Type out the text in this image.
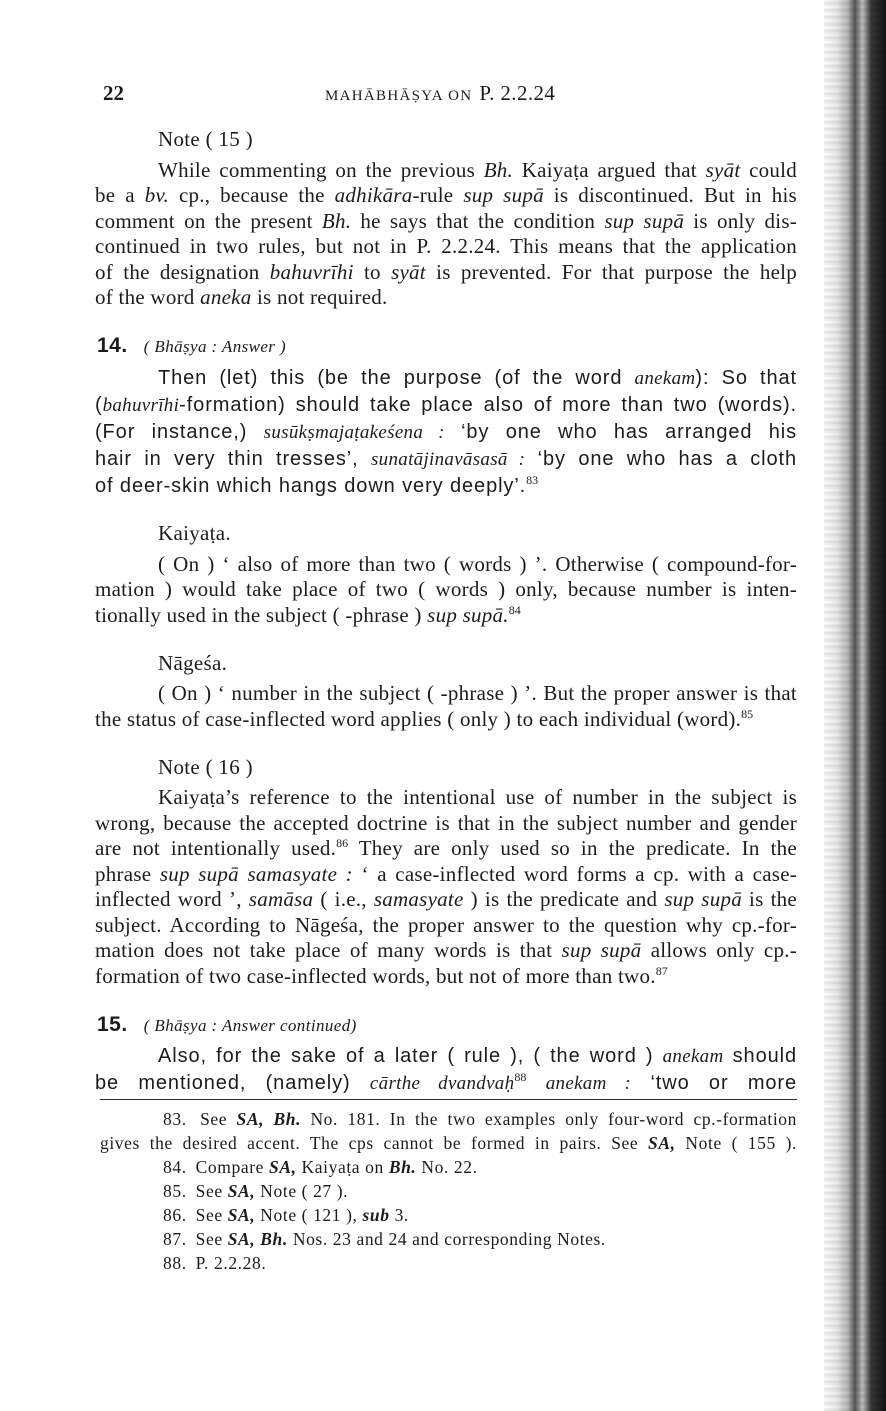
22	MAHĀBHĀṢYA ON P. 2.2.24
Note ( 15 )
While commenting on the previous Bh. Kaiyaṭa argued that syāt could
be a bv. cp., because the adhikāra-rule sup supā is discontinued. But in his
comment on the present Bh. he says that the condition sup supā is only dis-
continued in two rules, but not in P. 2.2.24. This means that the application
of the designation bahuvrīhi to syāt is prevented. For that purpose the help
of the word aneka is not required.
14. ( Bhāṣya : Answer )
Then (let) this (be the purpose (of the word anekam): So that
(bahuvrīhi-formation) should take place also of more than two (words).
(For instance,) susūkṣmajaṭakeśena : ‘by one who has arranged his
hair in very thin tresses’, sunatājinavāsasā : ‘by one who has a cloth
of deer-skin which hangs down very deeply’.$^{83}$
Kaiyaṭa.
( On ) ‘ also of more than two ( words ) ’. Otherwise ( compound-for-
mation ) would take place of two ( words ) only, because number is inten-
tionally used in the subject ( -phrase ) sup supā.$^{84}$
Nāgeśa.
( On ) ‘ number in the subject ( -phrase ) ’. But the proper answer is that
the status of case-inflected word applies ( only ) to each individual (word).$^{85}$
Note ( 16 )
Kaiyaṭa’s reference to the intentional use of number in the subject is
wrong, because the accepted doctrine is that in the subject number and gender
are not intentionally used.$^{86}$ They are only used so in the predicate. In the
phrase sup supā samasyate : ‘ a case-inflected word forms a cp. with a case-
inflected word ’, samāsa ( i.e., samasyate ) is the predicate and sup supā is the
subject. According to Nāgeśa, the proper answer to the question why cp.-for-
mation does not take place of many words is that sup supā allows only cp.-
formation of two case-inflected words, but not of more than two.$^{87}$
15. ( Bhāṣya : Answer continued)
Also, for the sake of a later ( rule ), ( the word ) anekam should
be mentioned, (namely) cārthe dvandvaḥ$^{88}$ anekam : ‘two or more
83. See SA, Bh. No. 181. In the two examples only four-word cp.-formation
gives the desired accent. The cps cannot be formed in pairs. See SA, Note ( 155 ).
84. Compare SA, Kaiyaṭa on Bh. No. 22.
85. See SA, Note ( 27 ).
86. See SA, Note ( 121 ), sub 3.
87. See SA, Bh. Nos. 23 and 24 and corresponding Notes.
88. P. 2.2.28.
